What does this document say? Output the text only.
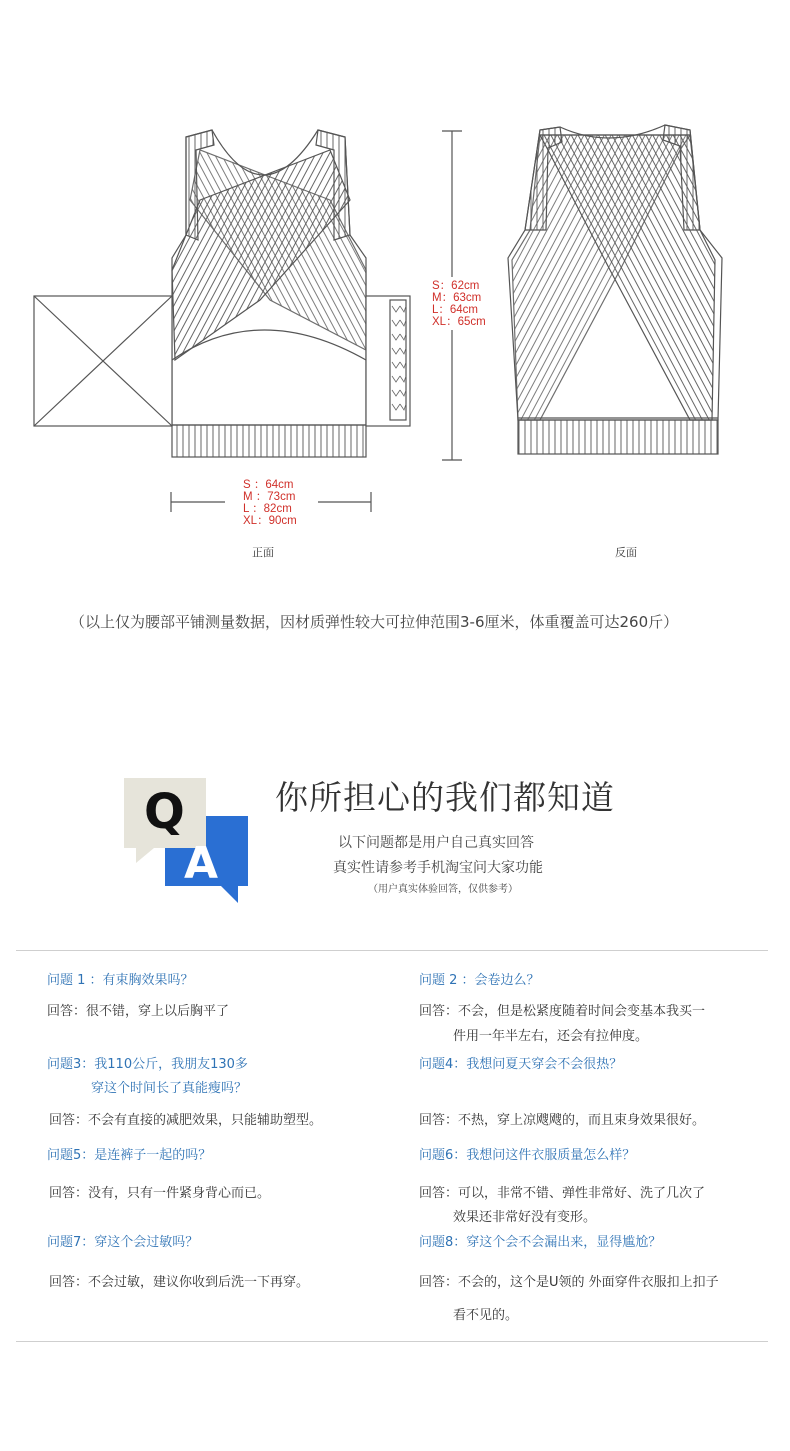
S：62cm
M：63cm
L：64cm
XL：65cm
S ：64cm
M ：73cm
L ：82cm
XL：90cm
正面	反面
（以上仅为腰部平铺测量数据，因材质弹性较大可拉伸范围3-6厘米，体重覆盖可达260斤）
Q
A
你所担心的我们都知道
以下问题都是用户自己真实回答
真实性请参考手机淘宝问大家功能
（用户真实体验回答，仅供参考）
问题 1 ：有束胸效果吗？
回答：很不错，穿上以后胸平了
问题 2 ：会卷边么？
回答：不会，但是松紧度随着时间会变基本我买一
件用一年半左右，还会有拉伸度。
问题3：我110公斤，我朋友130多
穿这个时间长了真能瘦吗？
回答：不会有直接的减肥效果，只能辅助塑型。
问题4：我想问夏天穿会不会很热？
回答：不热，穿上凉飕飕的，而且束身效果很好。
问题5：是连裤子一起的吗？
回答：没有，只有一件紧身背心而已。
问题6：我想问这件衣服质量怎么样？
回答：可以，非常不错、弹性非常好、洗了几次了
效果还非常好没有变形。
问题7：穿这个会过敏吗？
回答：不会过敏，建议你收到后洗一下再穿。
问题8：穿这个会不会漏出来，显得尴尬？
回答：不会的，这个是U领的 外面穿件衣服扣上扣子
看不见的。
